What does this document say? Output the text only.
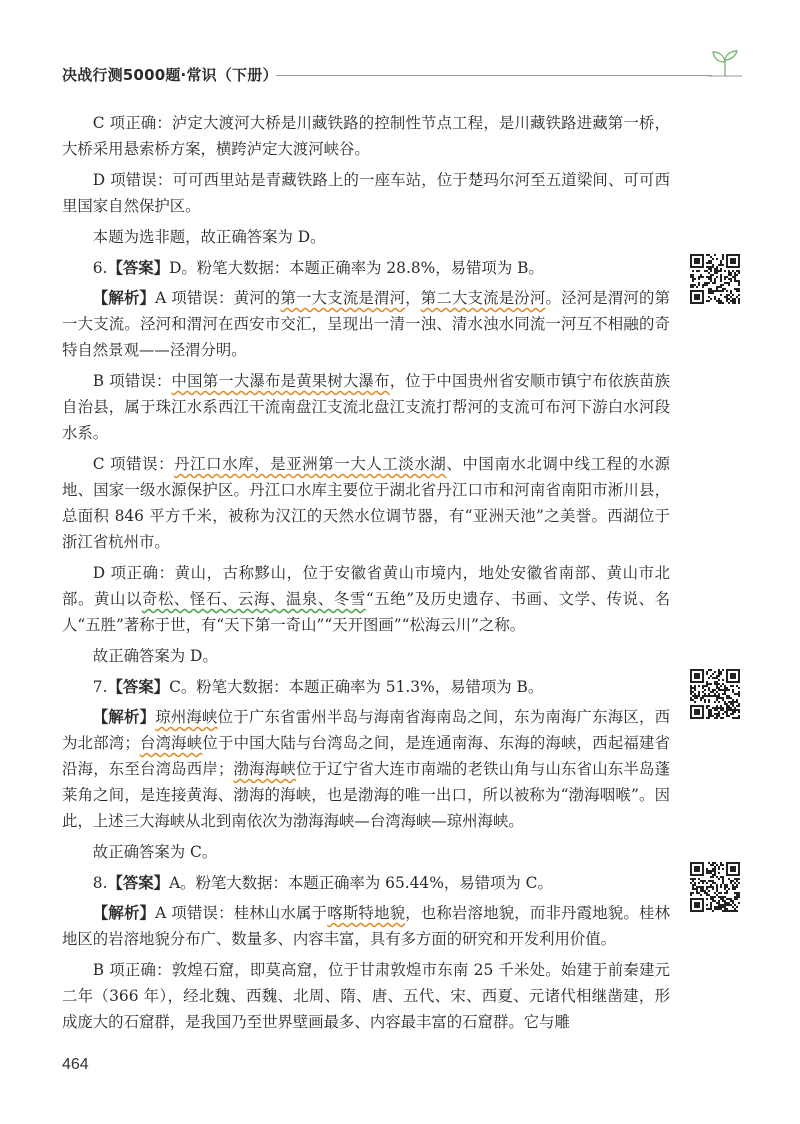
决战行测5000题·常识（下册）

C 项正确：泸定大渡河大桥是川藏铁路的控制性节点工程，是川藏铁路进藏第一桥，大桥采用悬索桥方案，横跨泸定大渡河峡谷。

D 项错误：可可西里站是青藏铁路上的一座车站，位于楚玛尔河至五道梁间、可可西里国家自然保护区。

本题为选非题，故正确答案为 D。

6.【答案】D。粉笔大数据：本题正确率为 28.8%，易错项为 B。

【解析】A 项错误：黄河的第一大支流是渭河，第二大支流是汾河。泾河是渭河的第一大支流。泾河和渭河在西安市交汇，呈现出一清一浊、清水浊水同流一河互不相融的奇特自然景观——泾渭分明。

B 项错误：中国第一大瀑布是黄果树大瀑布，位于中国贵州省安顺市镇宁布依族苗族自治县，属于珠江水系西江干流南盘江支流北盘江支流打帮河的支流可布河下游白水河段水系。

C 项错误：丹江口水库，是亚洲第一大人工淡水湖、中国南水北调中线工程的水源地、国家一级水源保护区。丹江口水库主要位于湖北省丹江口市和河南省南阳市淅川县，总面积 846 平方千米，被称为汉江的天然水位调节器，有“亚洲天池”之美誉。西湖位于浙江省杭州市。

D 项正确：黄山，古称黟山，位于安徽省黄山市境内，地处安徽省南部、黄山市北部。黄山以奇松、怪石、云海、温泉、冬雪“五绝”及历史遗存、书画、文学、传说、名人“五胜”著称于世，有“天下第一奇山”“天开图画”“松海云川”之称。

故正确答案为 D。

7.【答案】C。粉笔大数据：本题正确率为 51.3%，易错项为 B。

【解析】琼州海峡位于广东省雷州半岛与海南省海南岛之间，东为南海广东海区，西为北部湾；台湾海峡位于中国大陆与台湾岛之间，是连通南海、东海的海峡，西起福建省沿海，东至台湾岛西岸；渤海海峡位于辽宁省大连市南端的老铁山角与山东省山东半岛蓬莱角之间，是连接黄海、渤海的海峡，也是渤海的唯一出口，所以被称为“渤海咽喉”。因此，上述三大海峡从北到南依次为渤海海峡—台湾海峡—琼州海峡。

故正确答案为 C。

8.【答案】A。粉笔大数据：本题正确率为 65.44%，易错项为 C。

【解析】A 项错误：桂林山水属于喀斯特地貌，也称岩溶地貌，而非丹霞地貌。桂林地区的岩溶地貌分布广、数量多、内容丰富，具有多方面的研究和开发利用价值。

B 项正确：敦煌石窟，即莫高窟，位于甘肃敦煌市东南 25 千米处。始建于前秦建元二年（366 年），经北魏、西魏、北周、隋、唐、五代、宋、西夏、元诸代相继凿建，形成庞大的石窟群，是我国乃至世界壁画最多、内容最丰富的石窟群。它与雕

464
